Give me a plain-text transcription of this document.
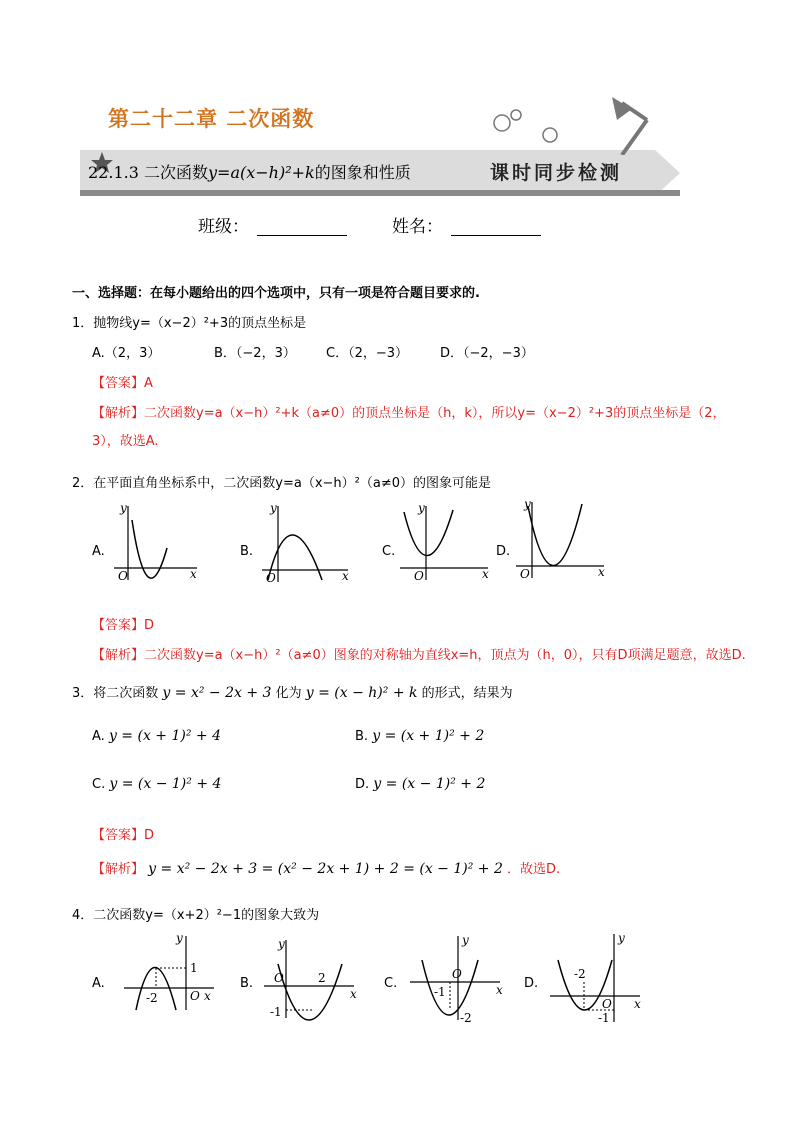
第二十二章 二次函数
22.1.3 二次函数y=a(x−h)²+k的图象和性质	课时同步检测
班级：	姓名：
一、选择题：在每小题给出的四个选项中，只有一项是符合题目要求的.
1．抛物线y=（x−2）²+3的顶点坐标是
A.（2，3）	B．（−2，3） C．（2，−3） D．（−2，−3）
【答案】A
【解析】二次函数y=a（x−h）²+k（a≠0）的顶点坐标是（h，k），所以y=（x−2）²+3的顶点坐标是（2，
3），故选A.
2．在平面直角坐标系中，二次函数y=a（x−h）²（a≠0）的图象可能是
A.
O	x
y
B.
O	x
y
C.
O	x
y
D.
O	x
y
【答案】D
【解析】二次函数y=a（x−h）²（a≠0）图象的对称轴为直线x=h，顶点为（h，0），只有D项满足题意，故选D.
3．将二次函数 y = x² − 2x + 3 化为 y = (x − h)² + k 的形式，结果为
A. y = (x + 1)² + 4	B. y = (x + 1)² + 2
C. y = (x − 1)² + 4	D. y = (x − 1)² + 2
【答案】D
【解析】 y = x² − 2x + 3 = (x² − 2x + 1) + 2 = (x − 1)² + 2 ．故选D.
4．二次函数y=（x+2）²−1的图象大致为
A.
1
-2	O x
y
B.	2
-1
O
x
y
C.
-1
-2
O
x
y
D.
-2
-1
O x
y
